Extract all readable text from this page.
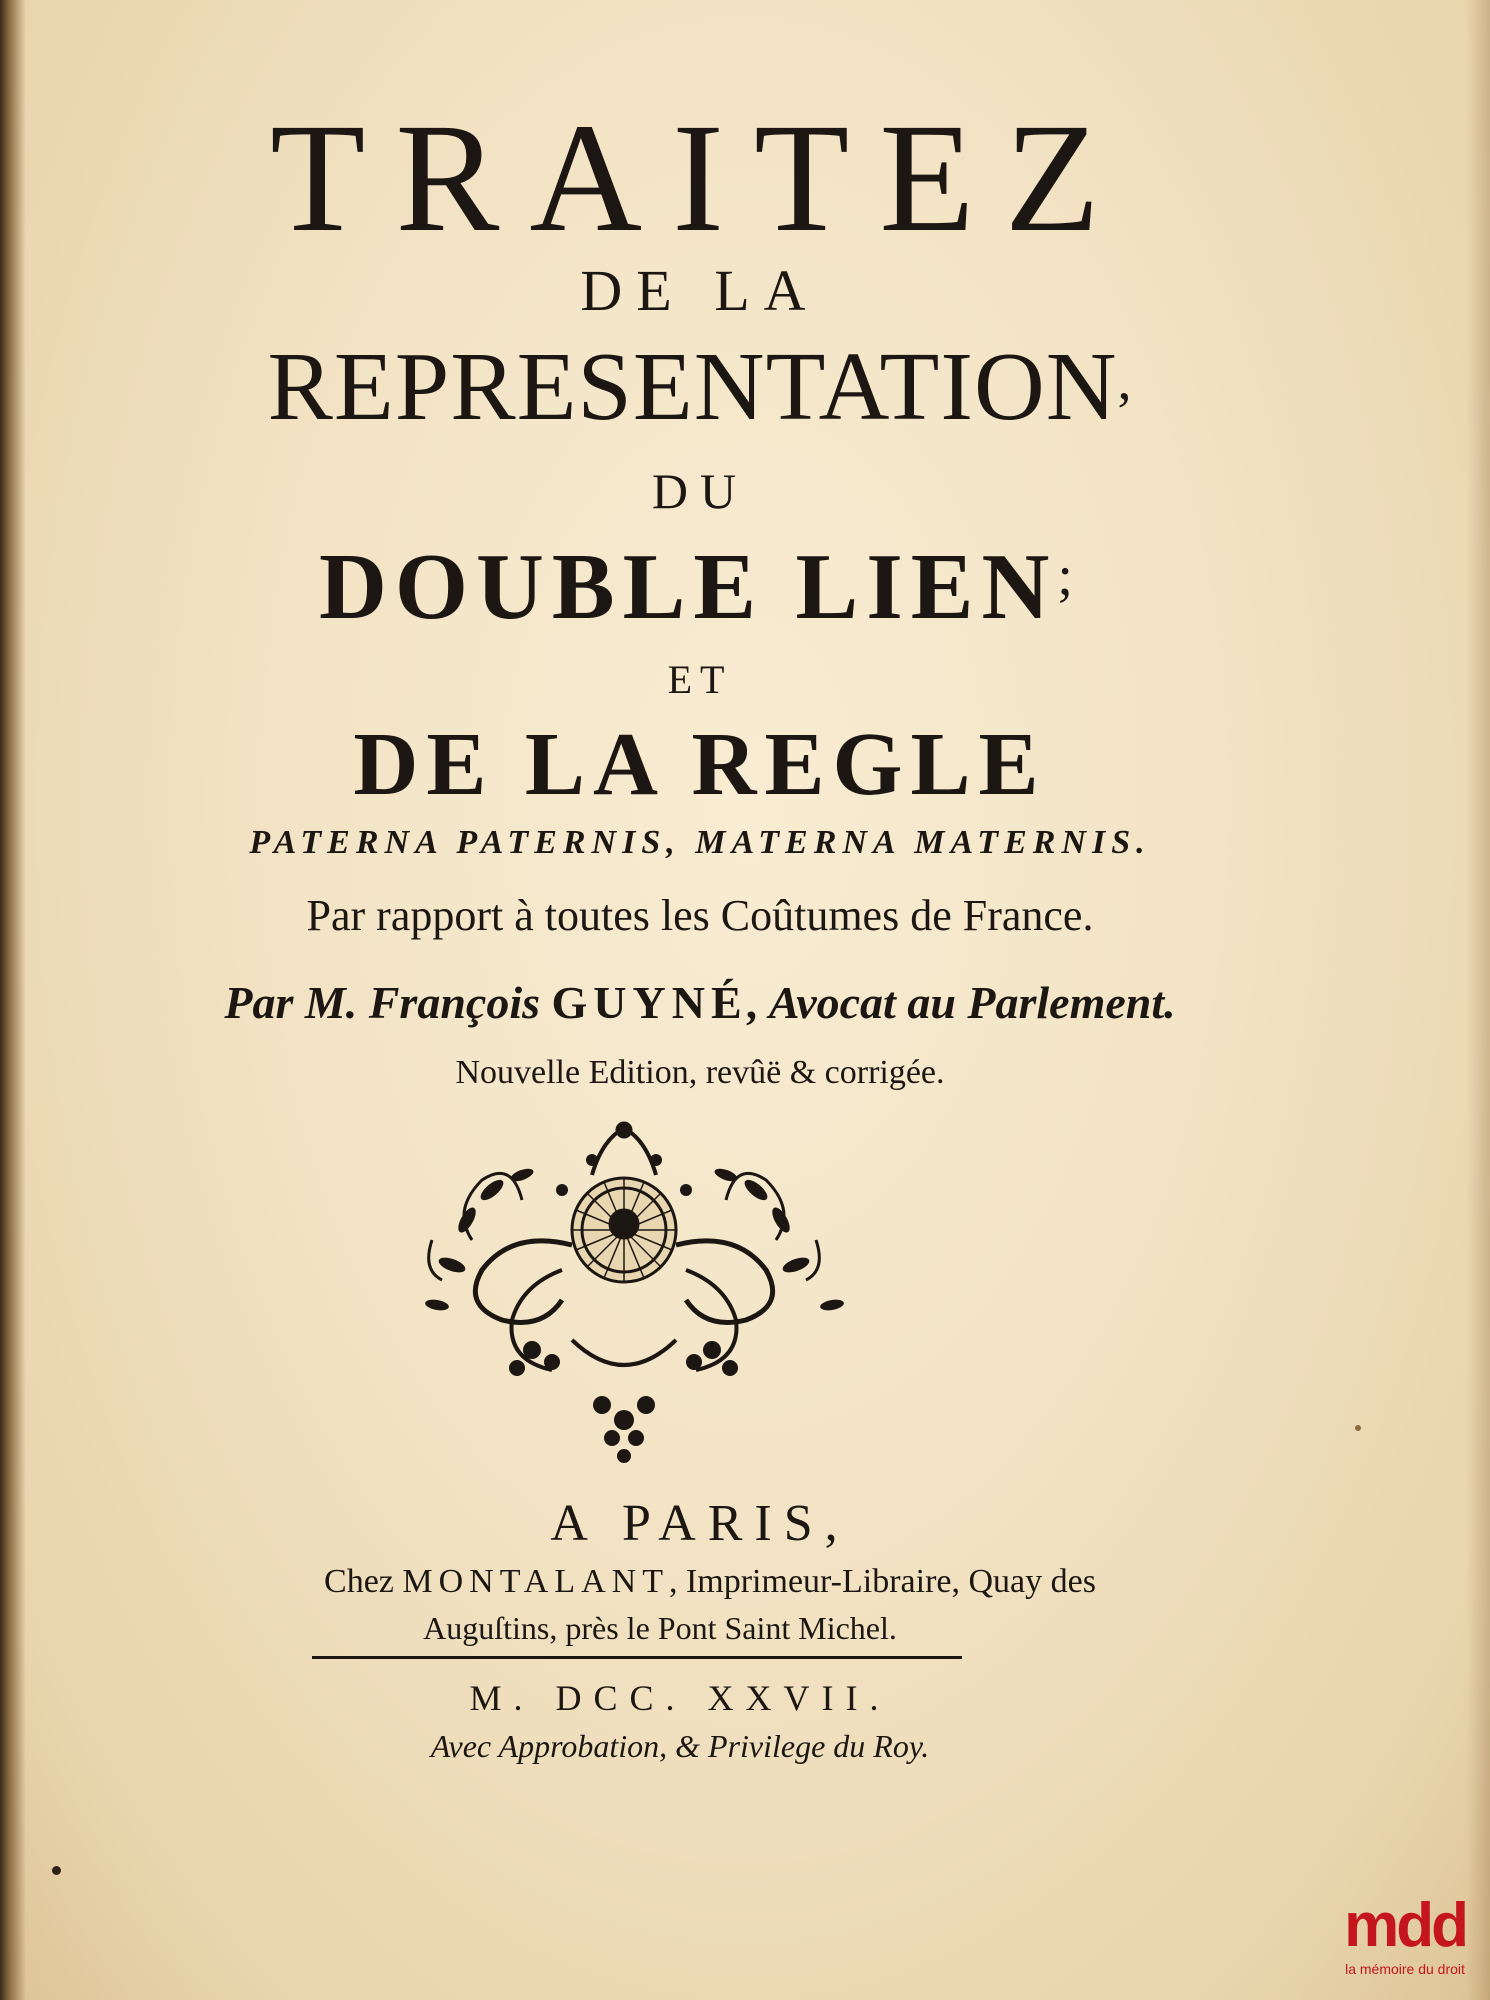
TRAITEZ
DE LA
REPRESENTATION,
DU
DOUBLE LIEN;
ET
DE LA REGLE
PATERNA PATERNIS, MATERNA MATERNIS.
Par rapport à toutes les Coûtumes de France.
Par M. François GUYNÉ, Avocat au Parlement.
Nouvelle Edition, revûë & corrigée.
A PARIS,
Chez MONTALANT, Imprimeur-Libraire, Quay des
Auguſtins, près le Pont Saint Michel.
M. DCC. XXVII.
Avec Approbation, & Privilege du Roy.
mdd
la mémoire du droit
